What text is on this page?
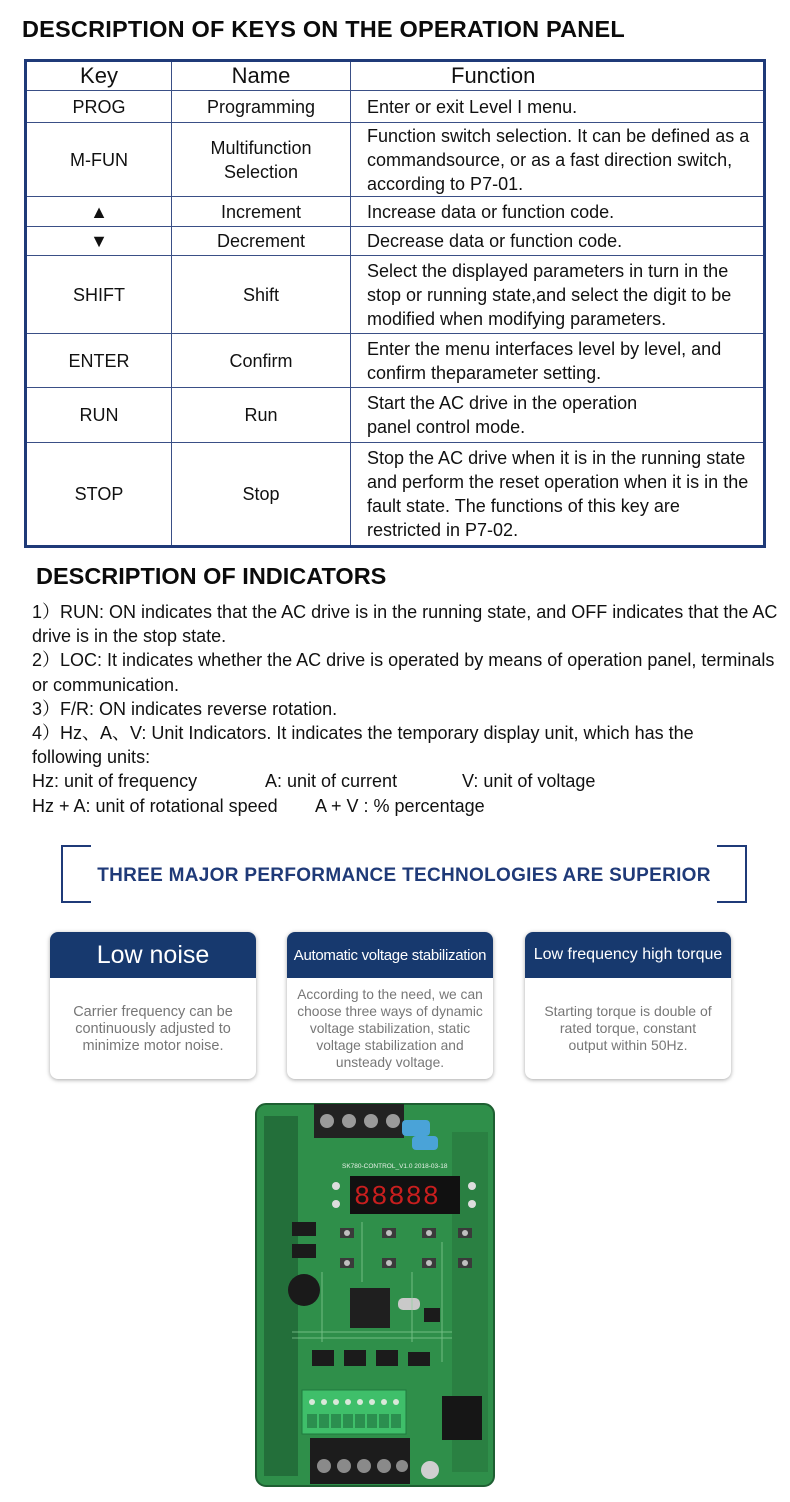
DESCRIPTION OF KEYS ON THE OPERATION PANEL
Key	Name	Function
PROG	Programming	Enter or exit Level I menu.
M-FUN	Multifunction Selection	Function switch selection. It can be defined as a commandsource, or as a fast direction switch, according to P7-01.
▲	Increment	Increase data or function code.
▼	Decrement	Decrease data or function code.
SHIFT	Shift	Select the displayed parameters in turn in the stop or running state,and select the digit to be modified when modifying parameters.
ENTER	Confirm	Enter the menu interfaces level by level, and confirm theparameter setting.
RUN	Run	Start the AC drive in the operation panel control mode.
STOP	Stop	Stop the AC drive when it is in the running state and perform the reset operation when it is in the fault state. The functions of this key are restricted in P7-02.
DESCRIPTION OF INDICATORS

1）RUN: ON indicates that the AC drive is in the running state, and OFF indicates that the AC drive is in the stop state.

2）LOC: It indicates whether the AC drive is operated by means of operation panel, terminals or communication.

3）F/R: ON indicates reverse rotation.

4）Hz、A、V: Unit Indicators. It indicates the temporary display unit, which has the following units:

Hz: unit of frequency	A: unit of current	V: unit of voltage

Hz + A: unit of rotational speed A + V : % percentage

THREE MAJOR PERFORMANCE TECHNOLOGIES ARE SUPERIOR
Low noise
Carrier frequency can be continuously adjusted to minimize motor noise.
Automatic voltage stabilization
According to the need, we can choose three ways of dynamic voltage stabilization, static voltage stabilization and unsteady voltage.
Low frequency high torque
Starting torque is double of rated torque, constant output within 50Hz.
SK780-CONTROL_V1.0 2018-03-18
88888
